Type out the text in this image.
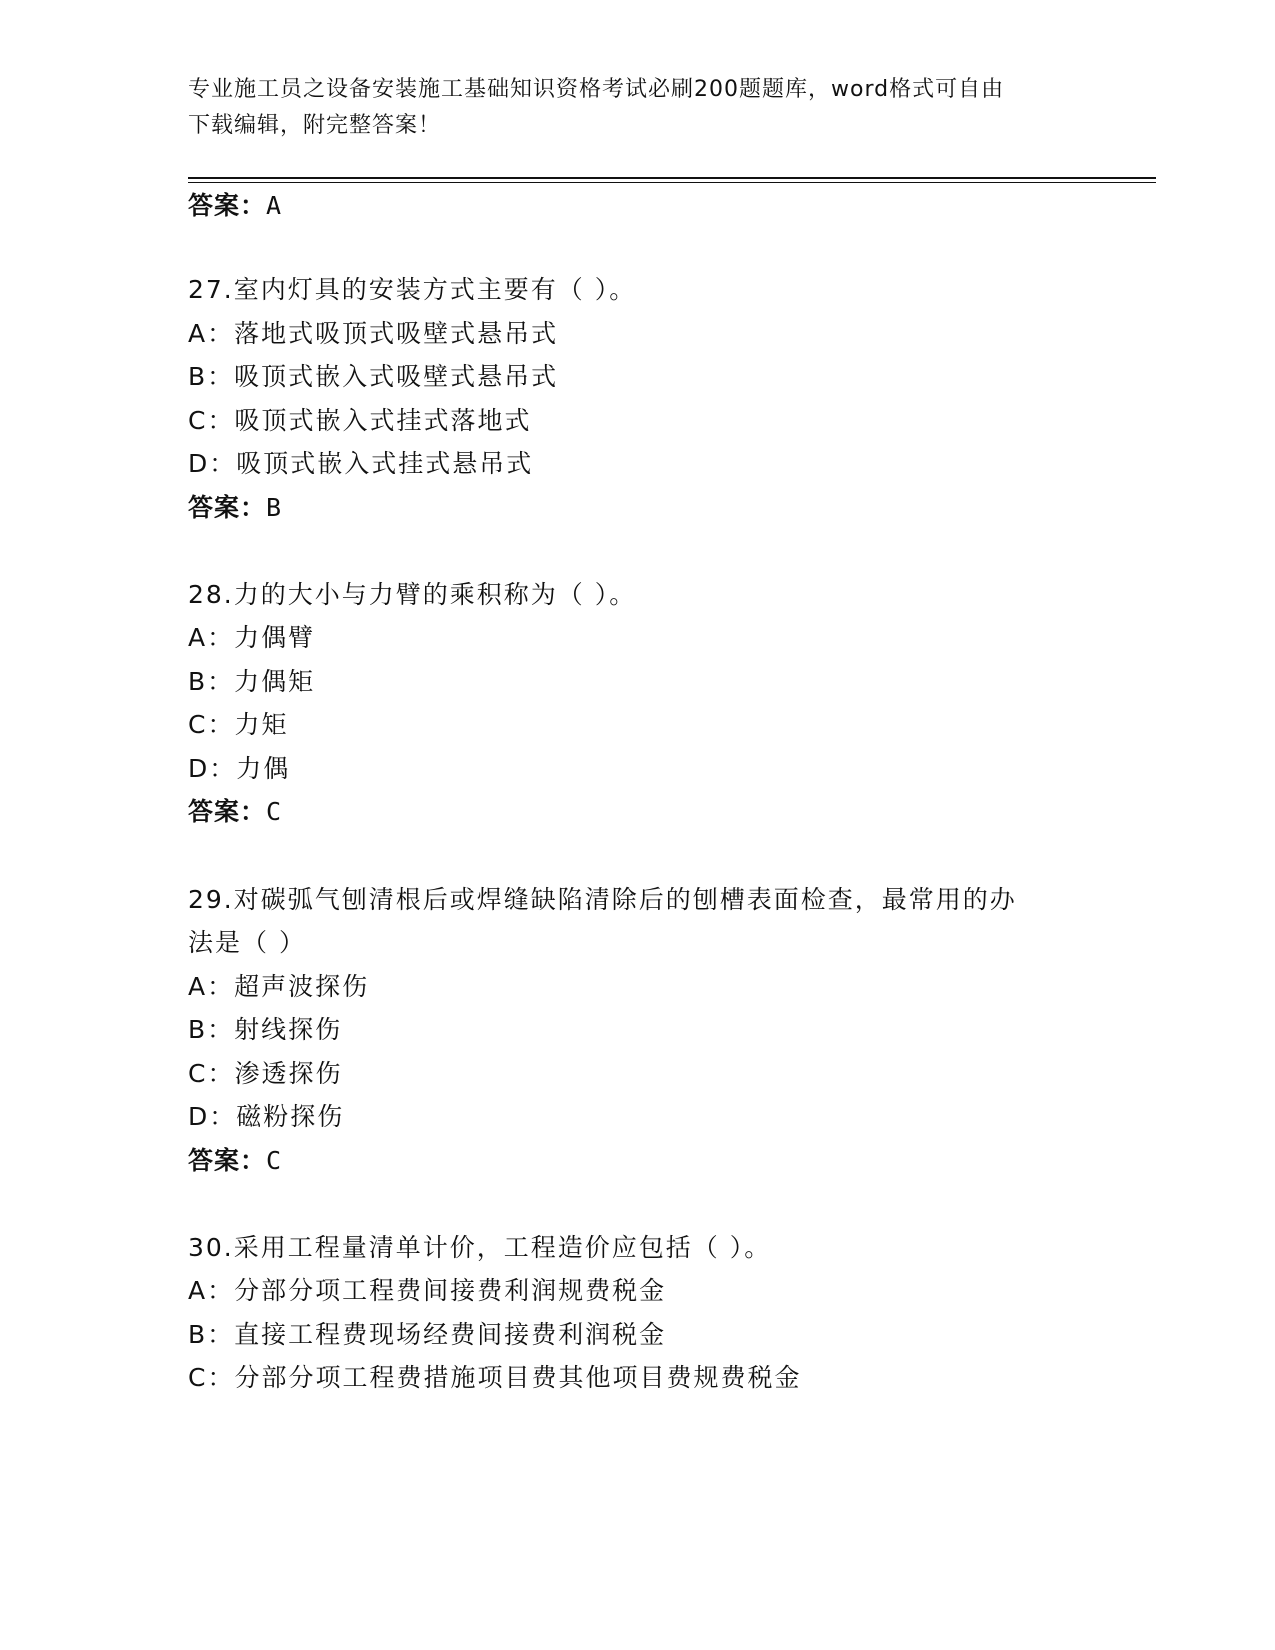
专业施工员之设备安装施工基础知识资格考试必刷200题题库，word格式可自由
下载编辑，附完整答案！
答案：A
27.室内灯具的安装方式主要有（ ）。
A：落地式吸顶式吸壁式悬吊式
B：吸顶式嵌入式吸壁式悬吊式
C：吸顶式嵌入式挂式落地式
D：吸顶式嵌入式挂式悬吊式
答案：B
28.力的大小与力臂的乘积称为（ ）。
A：力偶臂
B：力偶矩
C：力矩
D：力偶
答案：C
29.对碳弧气刨清根后或焊缝缺陷清除后的刨槽表面检查，最常用的办
法是（ ）
A：超声波探伤
B：射线探伤
C：渗透探伤
D：磁粉探伤
答案：C
30.采用工程量清单计价，工程造价应包括（ ）。
A：分部分项工程费间接费利润规费税金
B：直接工程费现场经费间接费利润税金
C：分部分项工程费措施项目费其他项目费规费税金
